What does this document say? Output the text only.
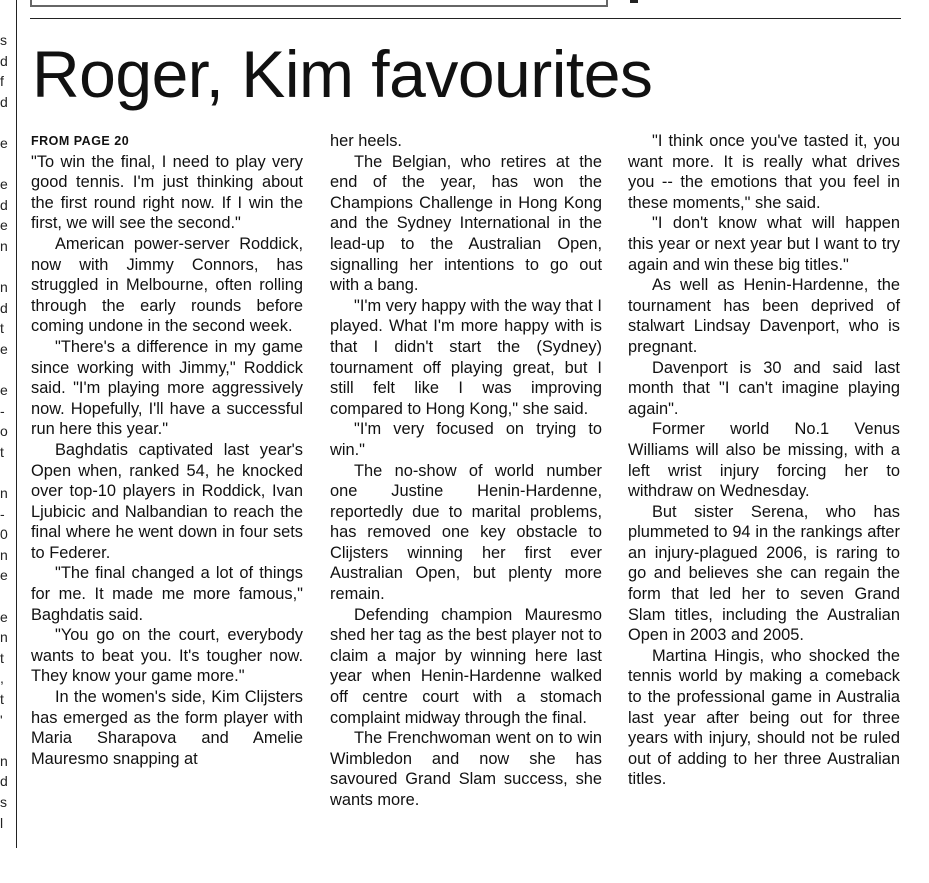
s
d
f
d
e
e
d
e
n
n
d
t
e
e
-
o
t
n
-
0
n
e
e
n
t
,
t
'
n
d
s
l
Roger, Kim favourites
FROM PAGE 20

"To win the final, I need to play very good tennis. I'm just thinking about the first round right now. If I win the first, we will see the second."

American power-server Roddick, now with Jimmy Connors, has struggled in Melbourne, often rolling through the early rounds before coming undone in the second week.

"There's a difference in my game since working with Jimmy," Roddick said. "I'm playing more aggressively now. Hopefully, I'll have a successful run here this year."

Baghdatis captivated last year's Open when, ranked 54, he knocked over top-10 players in Roddick, Ivan Ljubicic and Nalbandian to reach the final where he went down in four sets to Federer.

"The final changed a lot of things for me. It made me more famous," Baghdatis said.

"You go on the court, everybody wants to beat you. It's tougher now. They know your game more."

In the women's side, Kim Clijsters has emerged as the form player with Maria Sharapova and Amelie Mauresmo snapping at

her heels.

The Belgian, who retires at the end of the year, has won the Champions Challenge in Hong Kong and the Sydney International in the lead-up to the Australian Open, signalling her intentions to go out with a bang.

"I'm very happy with the way that I played. What I'm more happy with is that I didn't start the (Sydney) tournament off playing great, but I still felt like I was improving compared to Hong Kong," she said.

"I'm very focused on trying to win."

The no-show of world number one Justine Henin-Hardenne, reportedly due to marital problems, has removed one key obstacle to Clijsters winning her first ever Australian Open, but plenty more remain.

Defending champion Mauresmo shed her tag as the best player not to claim a major by winning here last year when Henin-Hardenne walked off centre court with a stomach complaint midway through the final.

The Frenchwoman went on to win Wimbledon and now she has savoured Grand Slam success, she wants more.

"I think once you've tasted it, you want more. It is really what drives you -- the emotions that you feel in these moments," she said.

"I don't know what will happen this year or next year but I want to try again and win these big titles."

As well as Henin-Hardenne, the tournament has been deprived of stalwart Lindsay Davenport, who is pregnant.

Davenport is 30 and said last month that "I can't imagine playing again".

Former world No.1 Venus Williams will also be missing, with a left wrist injury forcing her to withdraw on Wednesday.

But sister Serena, who has plummeted to 94 in the rankings after an injury-plagued 2006, is raring to go and believes she can regain the form that led her to seven Grand Slam titles, including the Australian Open in 2003 and 2005.

Martina Hingis, who shocked the tennis world by making a comeback to the professional game in Australia last year after being out for three years with injury, should not be ruled out of adding to her three Australian titles.
